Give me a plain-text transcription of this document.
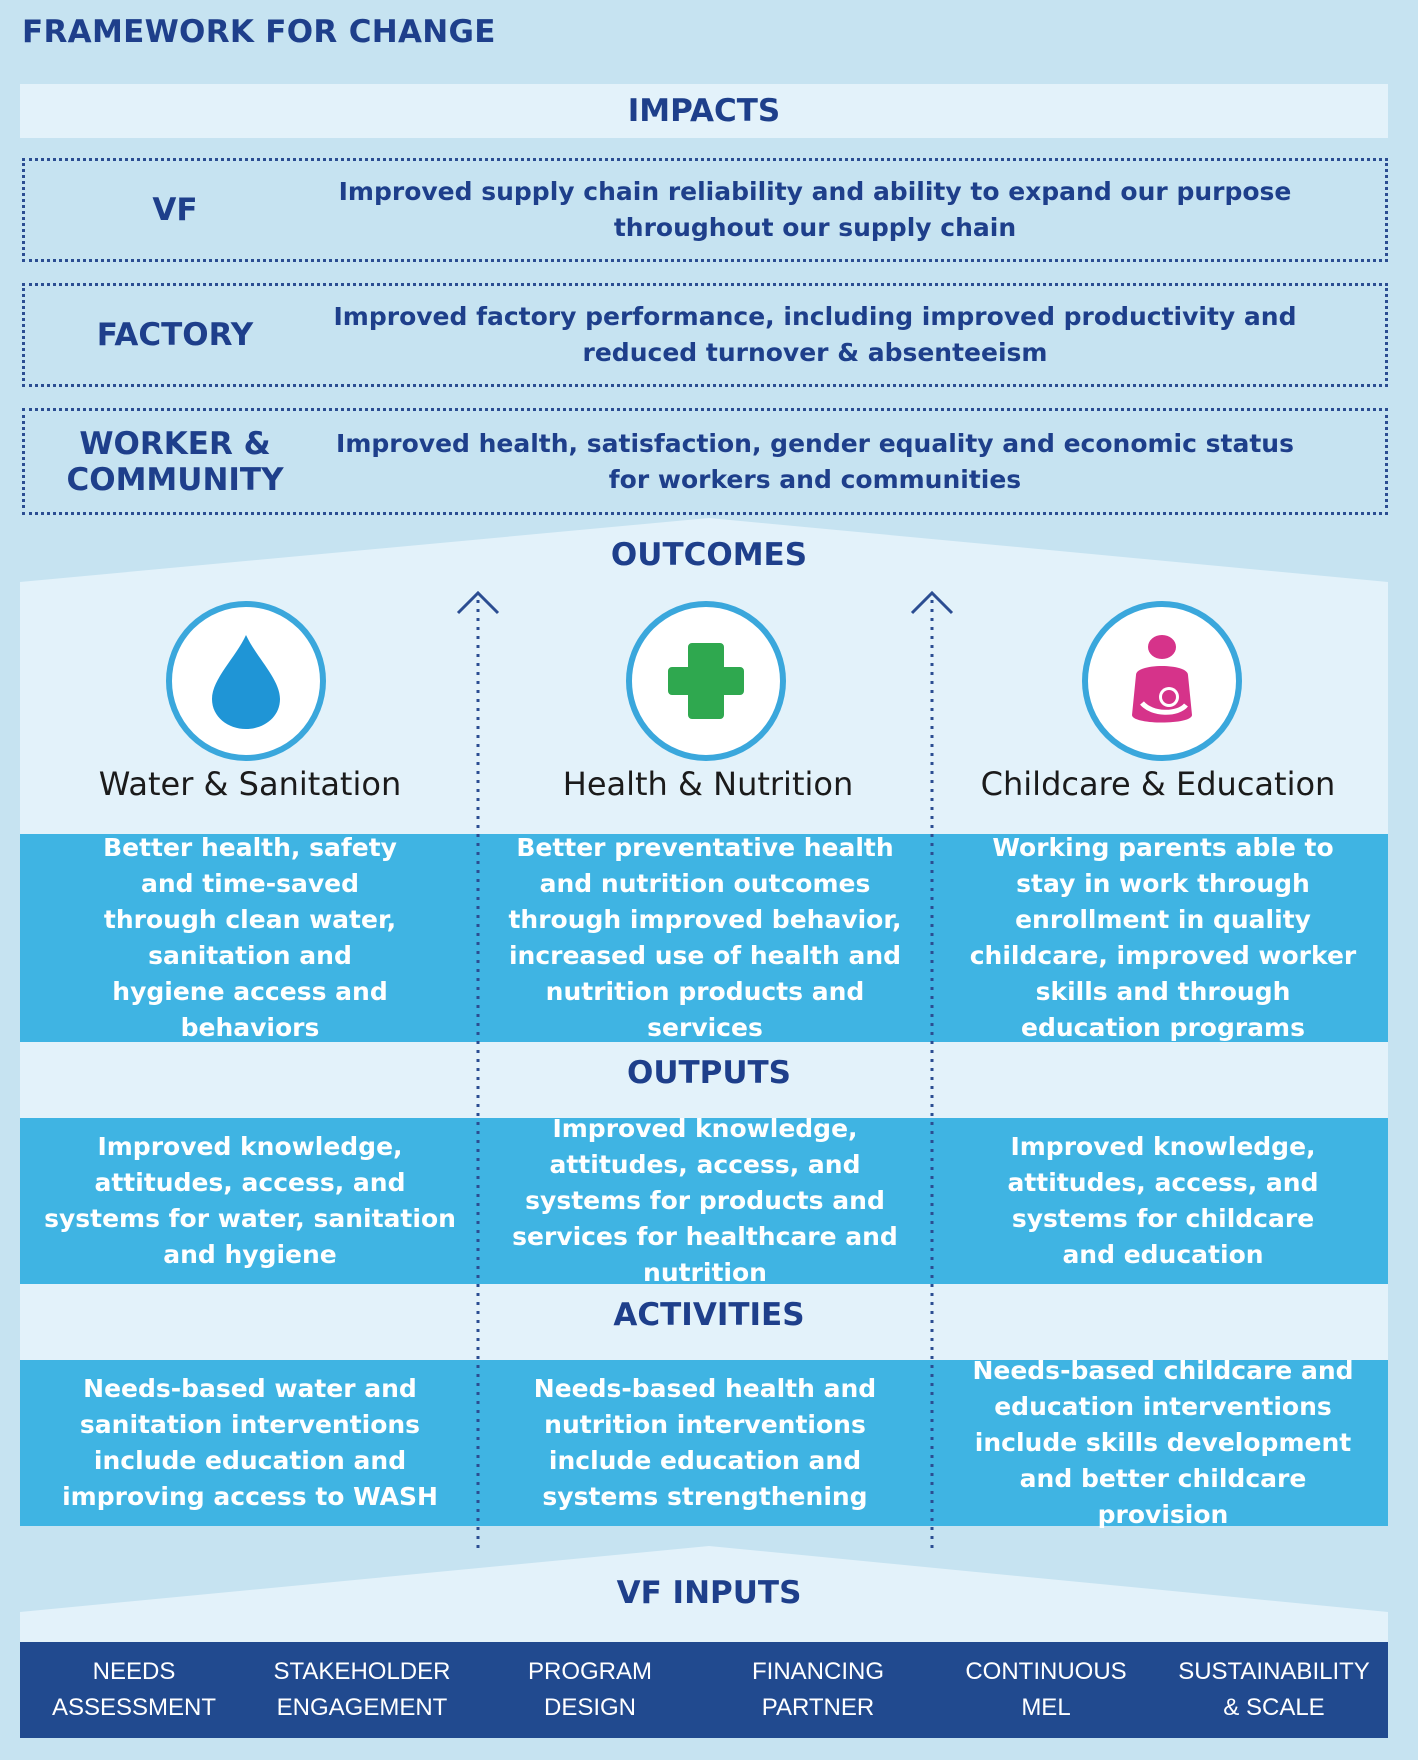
FRAMEWORK FOR CHANGE
IMPACTS
VF
Improved supply chain reliability and ability to expand our purpose throughout our supply chain
FACTORY
Improved factory performance, including improved productivity and reduced turnover & absenteeism
WORKER & COMMUNITY
Improved health, satisfaction, gender equality and economic status for workers and communities
OUTCOMES
Water & Sanitation	Health & Nutrition	Childcare & Education
Better health, safety and time-saved through clean water, sanitation and hygiene access and behaviors
Better preventative health and nutrition outcomes through improved behavior, increased use of health and nutrition products and services
Working parents able to stay in work through enrollment in quality childcare, improved worker skills and through education programs
OUTPUTS
Improved knowledge, attitudes, access, and systems for water, sanitation and hygiene
Improved knowledge, attitudes, access, and systems for products and services for healthcare and nutrition
Improved knowledge, attitudes, access, and systems for childcare and education
ACTIVITIES
Needs-based water and sanitation interventions include education and improving access to WASH
Needs-based health and nutrition interventions include education and systems strengthening
Needs-based childcare and education interventions include skills development and better childcare provision
VF INPUTS
NEEDS
ASSESSMENT
STAKEHOLDER
ENGAGEMENT
PROGRAM
DESIGN
FINANCING
PARTNER
CONTINUOUS
MEL
SUSTAINABILITY
& SCALE
